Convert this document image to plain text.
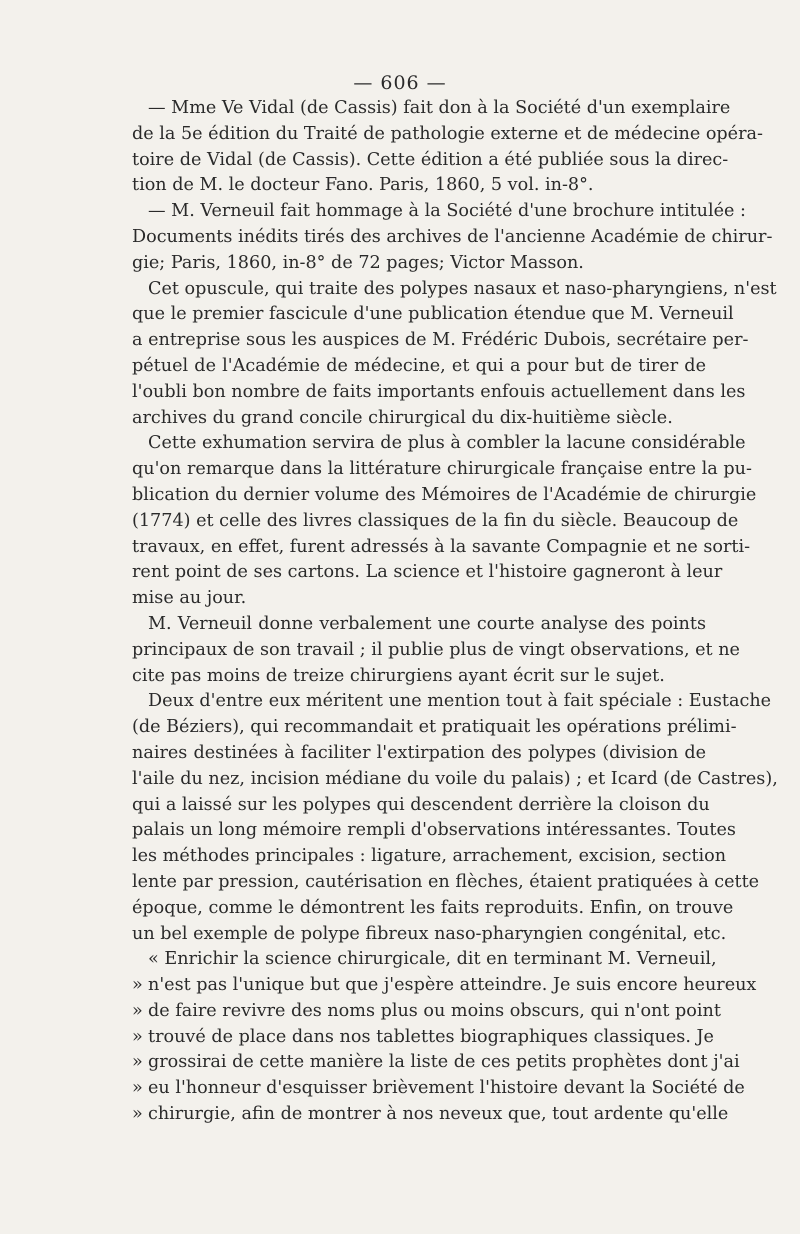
— 606 —
— Mme Ve Vidal (de Cassis) fait don à la Société d'un exemplaire
de la 5e édition du Traité de pathologie externe et de médecine opéra-
toire de Vidal (de Cassis). Cette édition a été publiée sous la direc-
tion de M. le docteur Fano. Paris, 1860, 5 vol. in-8°.
— M. Verneuil fait hommage à la Société d'une brochure intitulée :
Documents inédits tirés des archives de l'ancienne Académie de chirur-
gie; Paris, 1860, in-8° de 72 pages; Victor Masson.
Cet opuscule, qui traite des polypes nasaux et naso-pharyngiens, n'est
que le premier fascicule d'une publication étendue que M. Verneuil
a entreprise sous les auspices de M. Frédéric Dubois, secrétaire per-
pétuel de l'Académie de médecine, et qui a pour but de tirer de
l'oubli bon nombre de faits importants enfouis actuellement dans les
archives du grand concile chirurgical du dix-huitième siècle.
Cette exhumation servira de plus à combler la lacune considérable
qu'on remarque dans la littérature chirurgicale française entre la pu-
blication du dernier volume des Mémoires de l'Académie de chirurgie
(1774) et celle des livres classiques de la fin du siècle. Beaucoup de
travaux, en effet, furent adressés à la savante Compagnie et ne sorti-
rent point de ses cartons. La science et l'histoire gagneront à leur
mise au jour.
M. Verneuil donne verbalement une courte analyse des points
principaux de son travail ; il publie plus de vingt observations, et ne
cite pas moins de treize chirurgiens ayant écrit sur le sujet.
Deux d'entre eux méritent une mention tout à fait spéciale : Eustache
(de Béziers), qui recommandait et pratiquait les opérations prélimi-
naires destinées à faciliter l'extirpation des polypes (division de
l'aile du nez, incision médiane du voile du palais) ; et Icard (de Castres),
qui a laissé sur les polypes qui descendent derrière la cloison du
palais un long mémoire rempli d'observations intéressantes. Toutes
les méthodes principales : ligature, arrachement, excision, section
lente par pression, cautérisation en flèches, étaient pratiquées à cette
époque, comme le démontrent les faits reproduits. Enfin, on trouve
un bel exemple de polype fibreux naso-pharyngien congénital, etc.
« Enrichir la science chirurgicale, dit en terminant M. Verneuil,
» n'est pas l'unique but que j'espère atteindre. Je suis encore heureux
» de faire revivre des noms plus ou moins obscurs, qui n'ont point
» trouvé de place dans nos tablettes biographiques classiques. Je
» grossirai de cette manière la liste de ces petits prophètes dont j'ai
» eu l'honneur d'esquisser brièvement l'histoire devant la Société de
» chirurgie, afin de montrer à nos neveux que, tout ardente qu'elle
